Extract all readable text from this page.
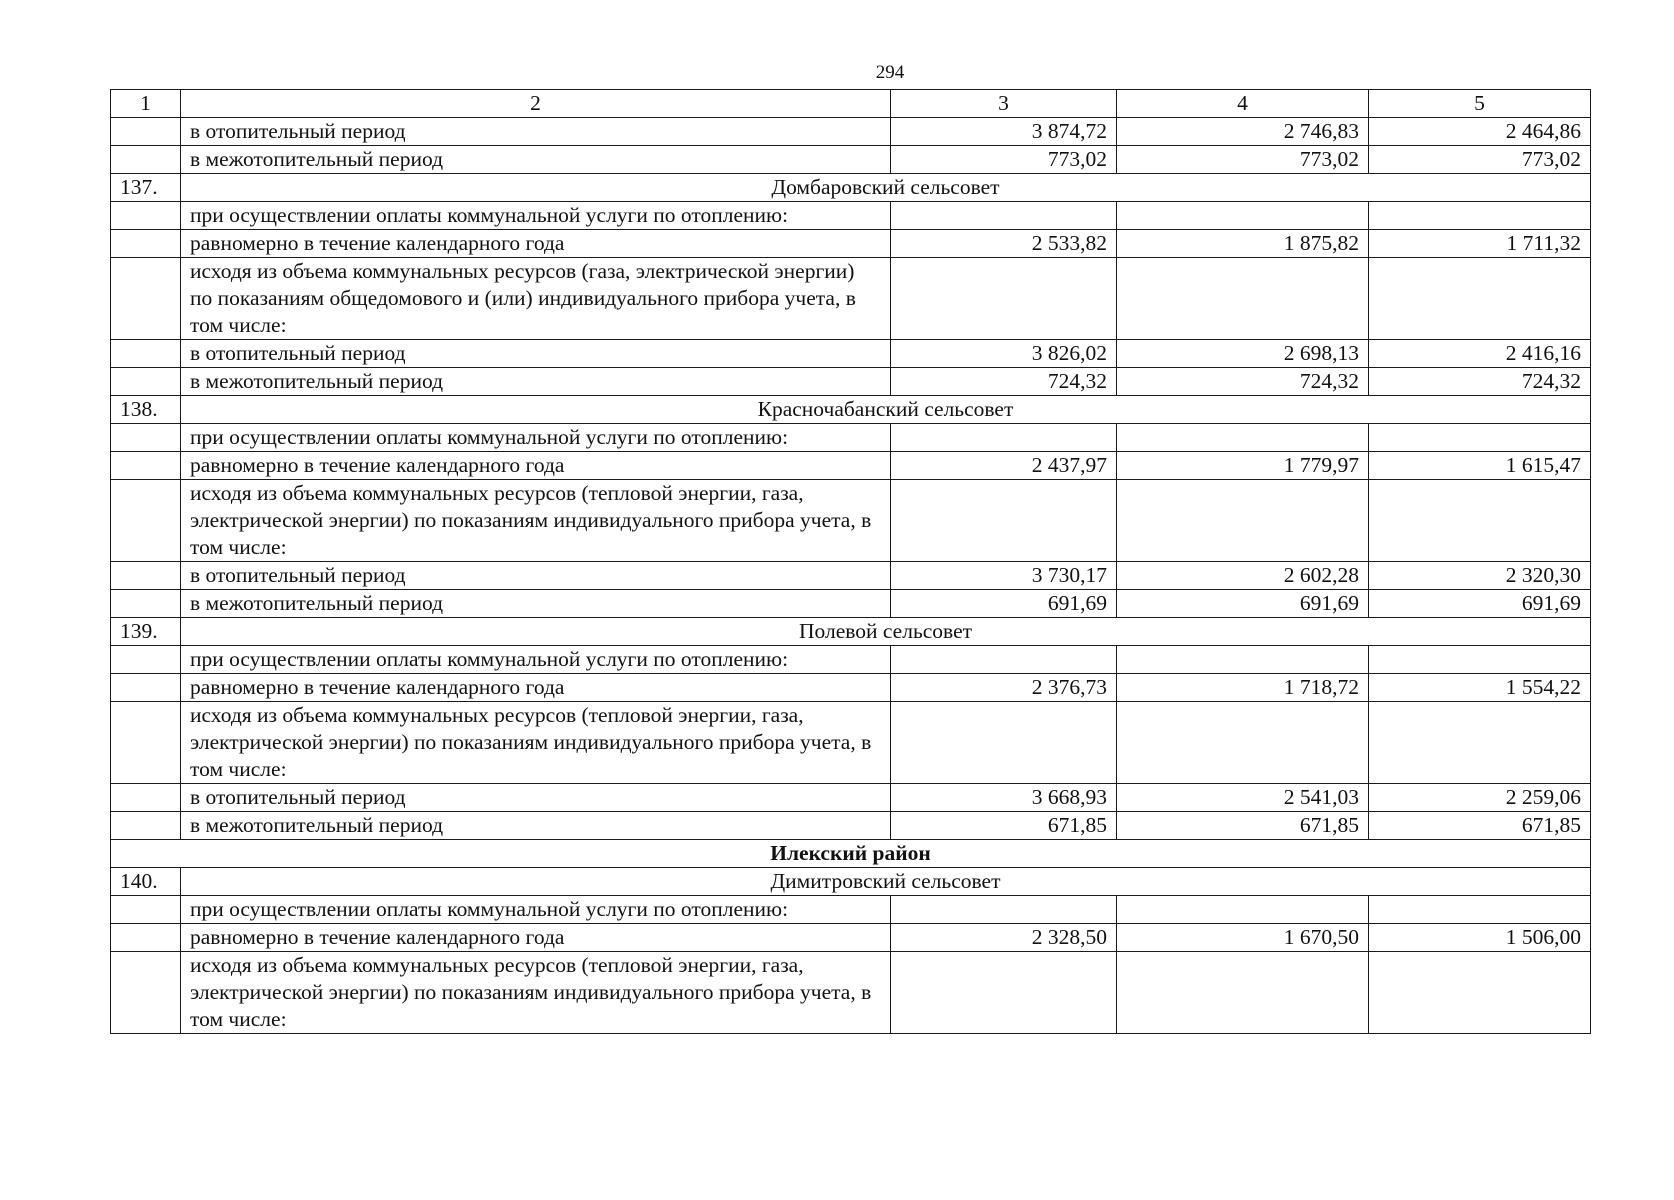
294
1	2	3	4	5
	в отопительный период	3 874,72	2 746,83	2 464,86
	в межотопительный период	773,02	773,02	773,02
137.	Домбаровский сельсовет			
	при осуществлении оплаты коммунальной услуги по отоплению:			
	равномерно в течение календарного года	2 533,82	1 875,82	1 711,32
	исходя из объема коммунальных ресурсов (газа, электрической энергии) по показаниям общедомового и (или) индивидуального прибора учета, в том числе:			
	в отопительный период	3 826,02	2 698,13	2 416,16
	в межотопительный период	724,32	724,32	724,32
138.	Красночабанский сельсовет			
	при осуществлении оплаты коммунальной услуги по отоплению:			
	равномерно в течение календарного года	2 437,97	1 779,97	1 615,47
	исходя из объема коммунальных ресурсов (тепловой энергии, газа, электрической энергии) по показаниям индивидуального прибора учета, в том числе:			
	в отопительный период	3 730,17	2 602,28	2 320,30
	в межотопительный период	691,69	691,69	691,69
139.	Полевой сельсовет			
	при осуществлении оплаты коммунальной услуги по отоплению:			
	равномерно в течение календарного года	2 376,73	1 718,72	1 554,22
	исходя из объема коммунальных ресурсов (тепловой энергии, газа, электрической энергии) по показаниям индивидуального прибора учета, в том числе:			
	в отопительный период	3 668,93	2 541,03	2 259,06
	в межотопительный период	671,85	671,85	671,85
Илекский район				
140.	Димитровский сельсовет			
	при осуществлении оплаты коммунальной услуги по отоплению:			
	равномерно в течение календарного года	2 328,50	1 670,50	1 506,00
	исходя из объема коммунальных ресурсов (тепловой энергии, газа, электрической энергии) по показаниям индивидуального прибора учета, в том числе:			
